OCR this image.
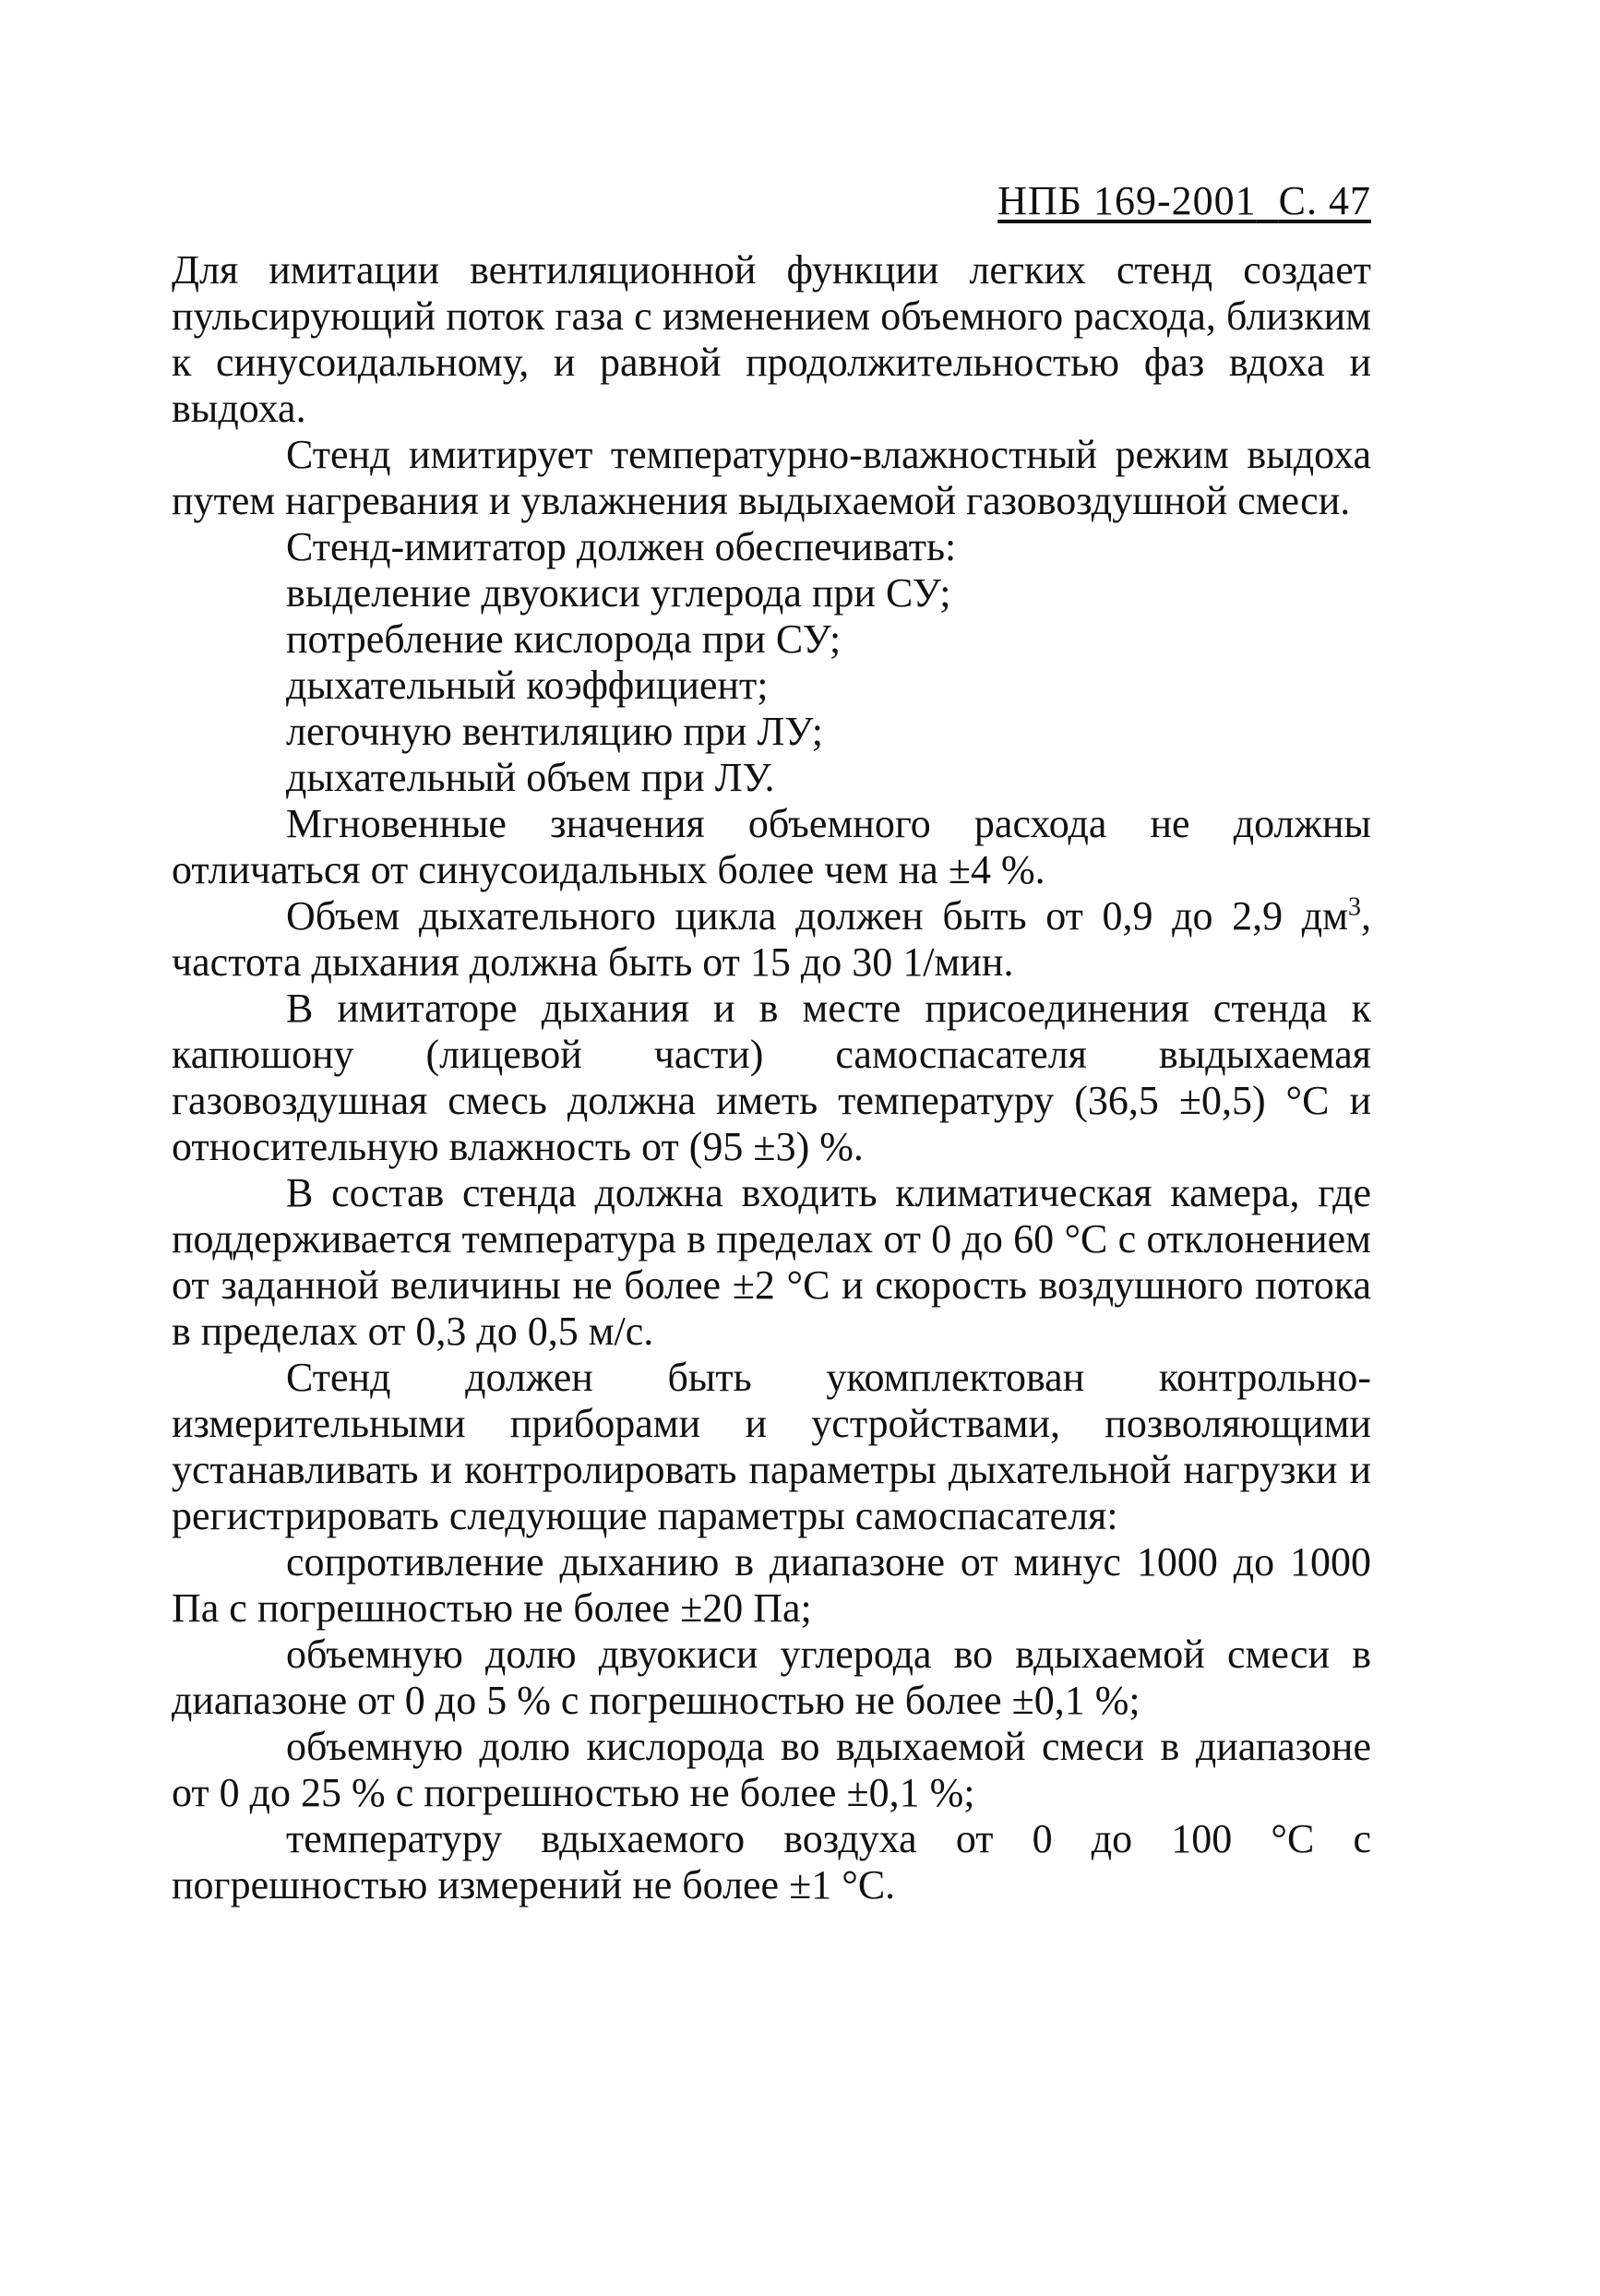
НПБ 169-2001 С. 47

Для имитации вентиляционной функции легких стенд создает пульсирующий поток газа с изменением объемного расхода, близким к синусоидальному, и равной продолжительностью фаз вдоха и выдоха.

Стенд имитирует температурно-влажностный режим выдоха путем нагревания и увлажнения выдыхаемой газовоздушной смеси.

Стенд-имитатор должен обеспечивать:

выделение двуокиси углерода при СУ;

потребление кислорода при СУ;

дыхательный коэффициент;

легочную вентиляцию при ЛУ;

дыхательный объем при ЛУ.

Мгновенные значения объемного расхода не должны отличаться от синусоидальных более чем на ±4 %.

Объем дыхательного цикла должен быть от 0,9 до 2,9 $дм^3$, частота дыхания должна быть от 15 до 30 1/мин.

В имитаторе дыхания и в месте присоединения стенда к капюшону (лицевой части) самоспасателя выдыхаемая газовоздушная смесь должна иметь температуру (36,5 ±0,5) °С и относительную влажность от (95 ±3) %.

В состав стенда должна входить климатическая камера, где поддерживается температура в пределах от 0 до 60 °С с отклонением от заданной величины не более ±2 °С и скорость воздушного потока в пределах от 0,3 до 0,5 м/с.

Стенд должен быть укомплектован контрольно-измерительными приборами и устройствами, позволяющими устанавливать и контролировать параметры дыхательной нагрузки и регистрировать следующие параметры самоспасателя:

сопротивление дыханию в диапазоне от минус 1000 до 1000 Па с погрешностью не более ±20 Па;

объемную долю двуокиси углерода во вдыхаемой смеси в диапазоне от 0 до 5 % с погрешностью не более ±0,1 %;

объемную долю кислорода во вдыхаемой смеси в диапазоне от 0 до 25 % с погрешностью не более ±0,1 %;

температуру вдыхаемого воздуха от 0 до 100 °С с погрешностью измерений не более ±1 °С.
